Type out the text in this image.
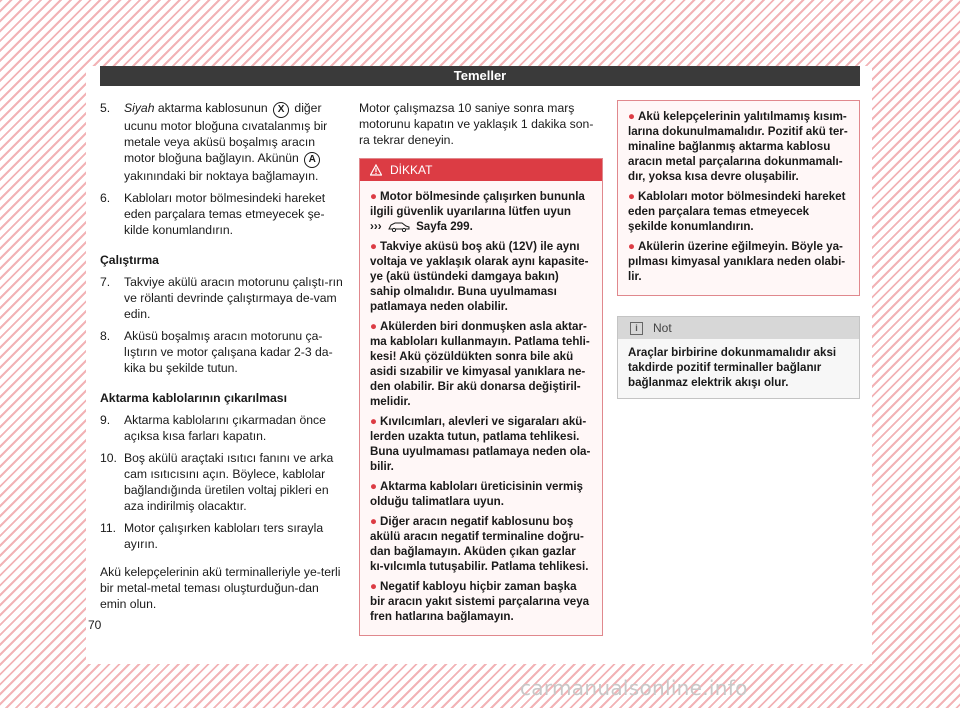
Temeller
5.	Siyah aktarma kablosunun X diğer ucunu motor bloğuna cıvatalanmış bir metale veya aküsü boşalmış aracın motor bloğuna bağlayın. Akünün A yakınındaki bir noktaya bağlamayın.
6.	Kabloları motor bölmesindeki hareket eden parçalara temas etmeyecek şe-kilde konumlandırın.
Çalıştırma
7.	Takviye akülü aracın motorunu çalıştı-rın ve rölanti devrinde çalıştırmaya de-vam edin.
8.	Aküsü boşalmış aracın motorunu ça-lıştırın ve motor çalışana kadar 2-3 da-kika bu şekilde tutun.
Aktarma kablolarının çıkarılması
9.	Aktarma kablolarını çıkarmadan önce açıksa kısa farları kapatın.
10. Boş akülü araçtaki ısıtıcı fanını ve arka cam ısıtıcısını açın. Böylece, kablolar bağlandığında üretilen voltaj pikleri en aza indirilmiş olacaktır.
11. Motor çalışırken kabloları ters sırayla ayırın.
Akü kelepçelerinin akü terminalleriyle ye-terli bir metal-metal teması oluşturduğun-dan emin olun.
Motor çalışmazsa 10 saniye sonra marş motorunu kapatın ve yaklaşık 1 dakika son-ra tekrar deneyin.
DİKKAT
● Motor bölmesinde çalışırken bununla ilgili güvenlik uyarılarına lütfen uyun
›››	Sayfa 299.
● Takviye aküsü boş akü (12V) ile aynı voltaja ve yaklaşık olarak aynı kapasite-ye (akü üstündeki damgaya bakın) sahip olmalıdır. Buna uyulmaması patlamaya neden olabilir.
● Akülerden biri donmuşken asla aktar-ma kabloları kullanmayın. Patlama tehli-kesi! Akü çözüldükten sonra bile akü asidi sızabilir ve kimyasal yanıklara ne-den olabilir. Bir akü donarsa değiştiril-melidir.
● Kıvılcımları, alevleri ve sigaraları akü-lerden uzakta tutun, patlama tehlikesi. Buna uyulmaması patlamaya neden ola-bilir.
● Aktarma kabloları üreticisinin vermiş olduğu talimatlara uyun.
● Diğer aracın negatif kablosunu boş akülü aracın negatif terminaline doğru-dan bağlamayın. Aküden çıkan gazlar kı-vılcımla tutuşabilir. Patlama tehlikesi.
● Negatif kabloyu hiçbir zaman başka bir aracın yakıt sistemi parçalarına veya fren hatlarına bağlamayın.
● Akü kelepçelerinin yalıtılmamış kısım-larına dokunulmamalıdır. Pozitif akü ter-minaline bağlanmış aktarma kablosu aracın metal parçalarına dokunmamalı-dır, yoksa kısa devre oluşabilir.
● Kabloları motor bölmesindeki hareket eden parçalara temas etmeyecek şekilde konumlandırın.
● Akülerin üzerine eğilmeyin. Böyle ya-pılması kimyasal yanıklara neden olabi-lir.
i	Not
Araçlar birbirine dokunmamalıdır aksi takdirde pozitif terminaller bağlanır bağlanmaz elektrik akışı olur.
70
carmanualsonline.info
